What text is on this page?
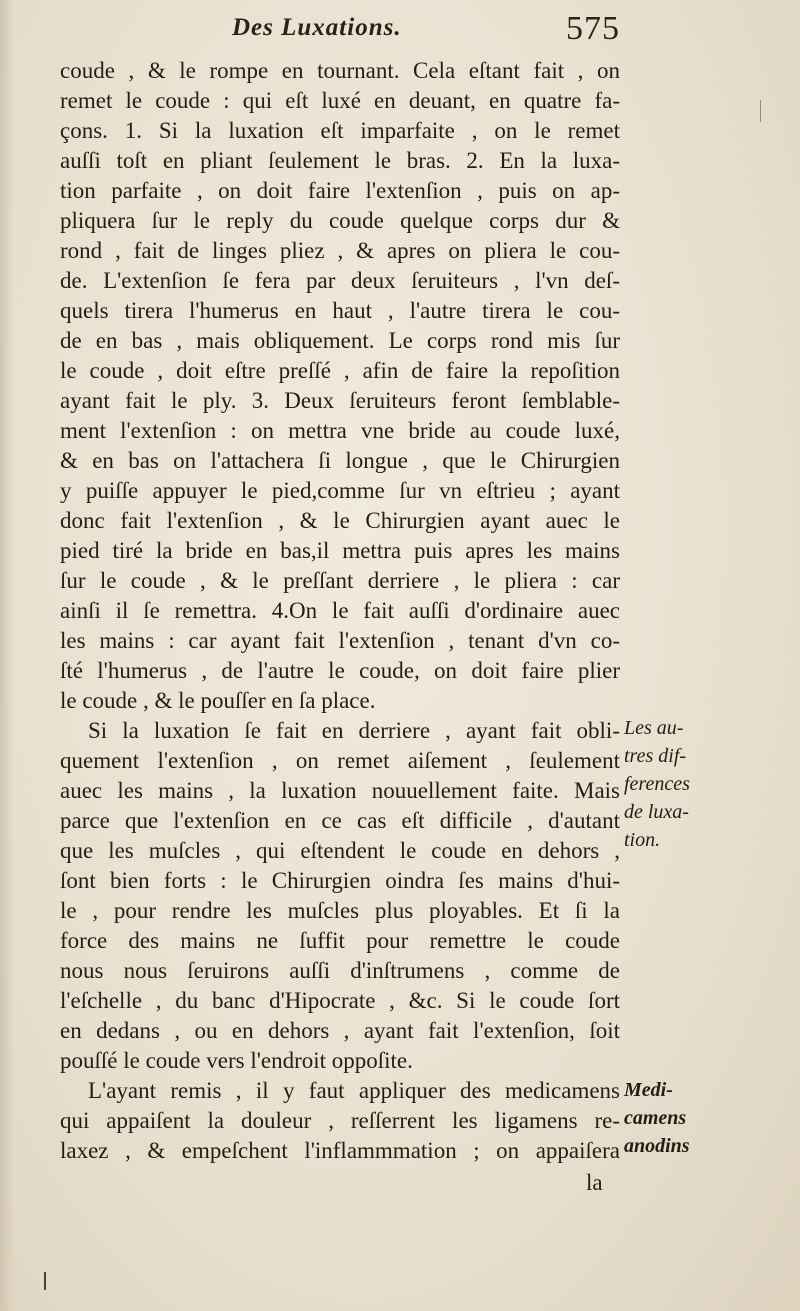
Des Luxations.	575
coude , & le rompe en tournant. Cela eſtant fait , on
remet le coude : qui eſt luxé en deuant, en quatre fa-
çons. 1. Si la luxation eſt imparfaite , on le remet
auſſi toſt en pliant ſeulement le bras. 2. En la luxa-
tion parfaite , on doit faire l'extenſion , puis on ap-
pliquera ſur le reply du coude quelque corps dur &
rond , fait de linges pliez , & apres on pliera le cou-
de. L'extenſion ſe fera par deux ſeruiteurs , l'vn deſ-
quels tirera l'humerus en haut , l'autre tirera le cou-
de en bas , mais obliquement. Le corps rond mis ſur
le coude , doit eſtre preſſé , afin de faire la repoſition
ayant fait le ply. 3. Deux ſeruiteurs feront ſemblable-
ment l'extenſion : on mettra vne bride au coude luxé,
& en bas on l'attachera ſi longue , que le Chirurgien
y puiſſe appuyer le pied,comme ſur vn eſtrieu ; ayant
donc fait l'extenſion , & le Chirurgien ayant auec le
pied tiré la bride en bas,il mettra puis apres les mains
ſur le coude , & le preſſant derriere , le pliera : car
ainſi il ſe remettra. 4.On le fait auſſi d'ordinaire auec
les mains : car ayant fait l'extenſion , tenant d'vn co-
ſté l'humerus , de l'autre le coude, on doit faire plier
le coude , & le pouſſer en ſa place.
Si la luxation ſe fait en derriere , ayant fait obli-
quement l'extenſion , on remet aiſement , ſeulement
auec les mains , la luxation nouuellement faite. Mais
parce que l'extenſion en ce cas eſt difficile , d'autant
que les muſcles , qui eſtendent le coude en dehors ,
ſont bien forts : le Chirurgien oindra ſes mains d'hui-
le , pour rendre les muſcles plus ployables. Et ſi la
force des mains ne ſuffit pour remettre le coude
nous nous ſeruirons auſſi d'inſtrumens , comme de
l'eſchelle , du banc d'Hipocrate , &c. Si le coude ſort
en dedans , ou en dehors , ayant fait l'extenſion, ſoit
pouſſé le coude vers l'endroit oppoſite.
L'ayant remis , il y faut appliquer des medicamens
qui appaiſent la douleur , reſſerrent les ligamens re-
laxez , & empeſchent l'inflammmation ; on appaiſera
Les au-
tres dif-
ferences
de luxa-
tion.
Medi-
camens
anodins
la
